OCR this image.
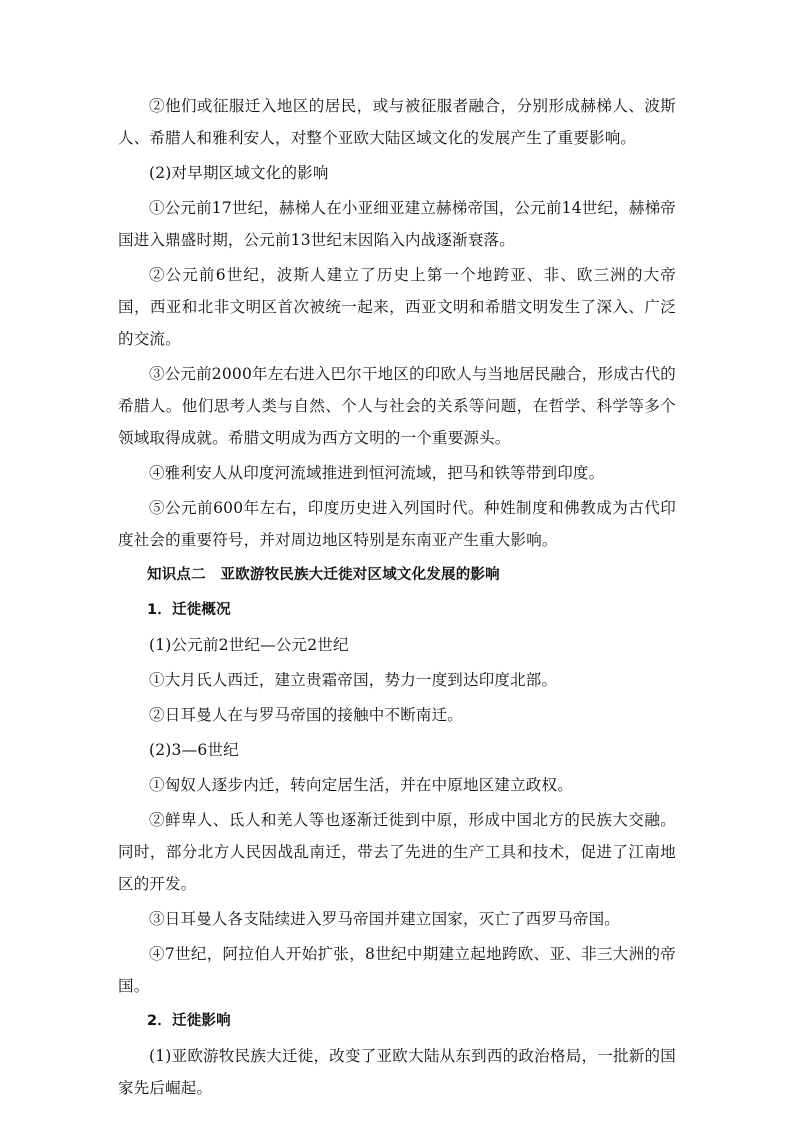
②他们或征服迁入地区的居民，或与被征服者融合，分别形成赫梯人、波斯人、希腊人和雅利安人，对整个亚欧大陆区域文化的发展产生了重要影响。

(2)对早期区域文化的影响

①公元前17世纪，赫梯人在小亚细亚建立赫梯帝国，公元前14世纪，赫梯帝国进入鼎盛时期，公元前13世纪末因陷入内战逐渐衰落。

②公元前6世纪，波斯人建立了历史上第一个地跨亚、非、欧三洲的大帝国，西亚和北非文明区首次被统一起来，西亚文明和希腊文明发生了深入、广泛的交流。

③公元前2000年左右进入巴尔干地区的印欧人与当地居民融合，形成古代的希腊人。他们思考人类与自然、个人与社会的关系等问题，在哲学、科学等多个领域取得成就。希腊文明成为西方文明的一个重要源头。

④雅利安人从印度河流域推进到恒河流域，把马和铁等带到印度。

⑤公元前600年左右，印度历史进入列国时代。种姓制度和佛教成为古代印度社会的重要符号，并对周边地区特别是东南亚产生重大影响。

知识点二　亚欧游牧民族大迁徙对区域文化发展的影响

1．迁徙概况

(1)公元前2世纪—公元2世纪

①大月氏人西迁，建立贵霜帝国，势力一度到达印度北部。

②日耳曼人在与罗马帝国的接触中不断南迁。

(2)3—6世纪

①匈奴人逐步内迁，转向定居生活，并在中原地区建立政权。

②鲜卑人、氐人和羌人等也逐渐迁徙到中原，形成中国北方的民族大交融。同时，部分北方人民因战乱南迁，带去了先进的生产工具和技术，促进了江南地区的开发。

③日耳曼人各支陆续进入罗马帝国并建立国家，灭亡了西罗马帝国。

④7世纪，阿拉伯人开始扩张，8世纪中期建立起地跨欧、亚、非三大洲的帝国。

2．迁徙影响

(1)亚欧游牧民族大迁徙，改变了亚欧大陆从东到西的政治格局，一批新的国家先后崛起。
